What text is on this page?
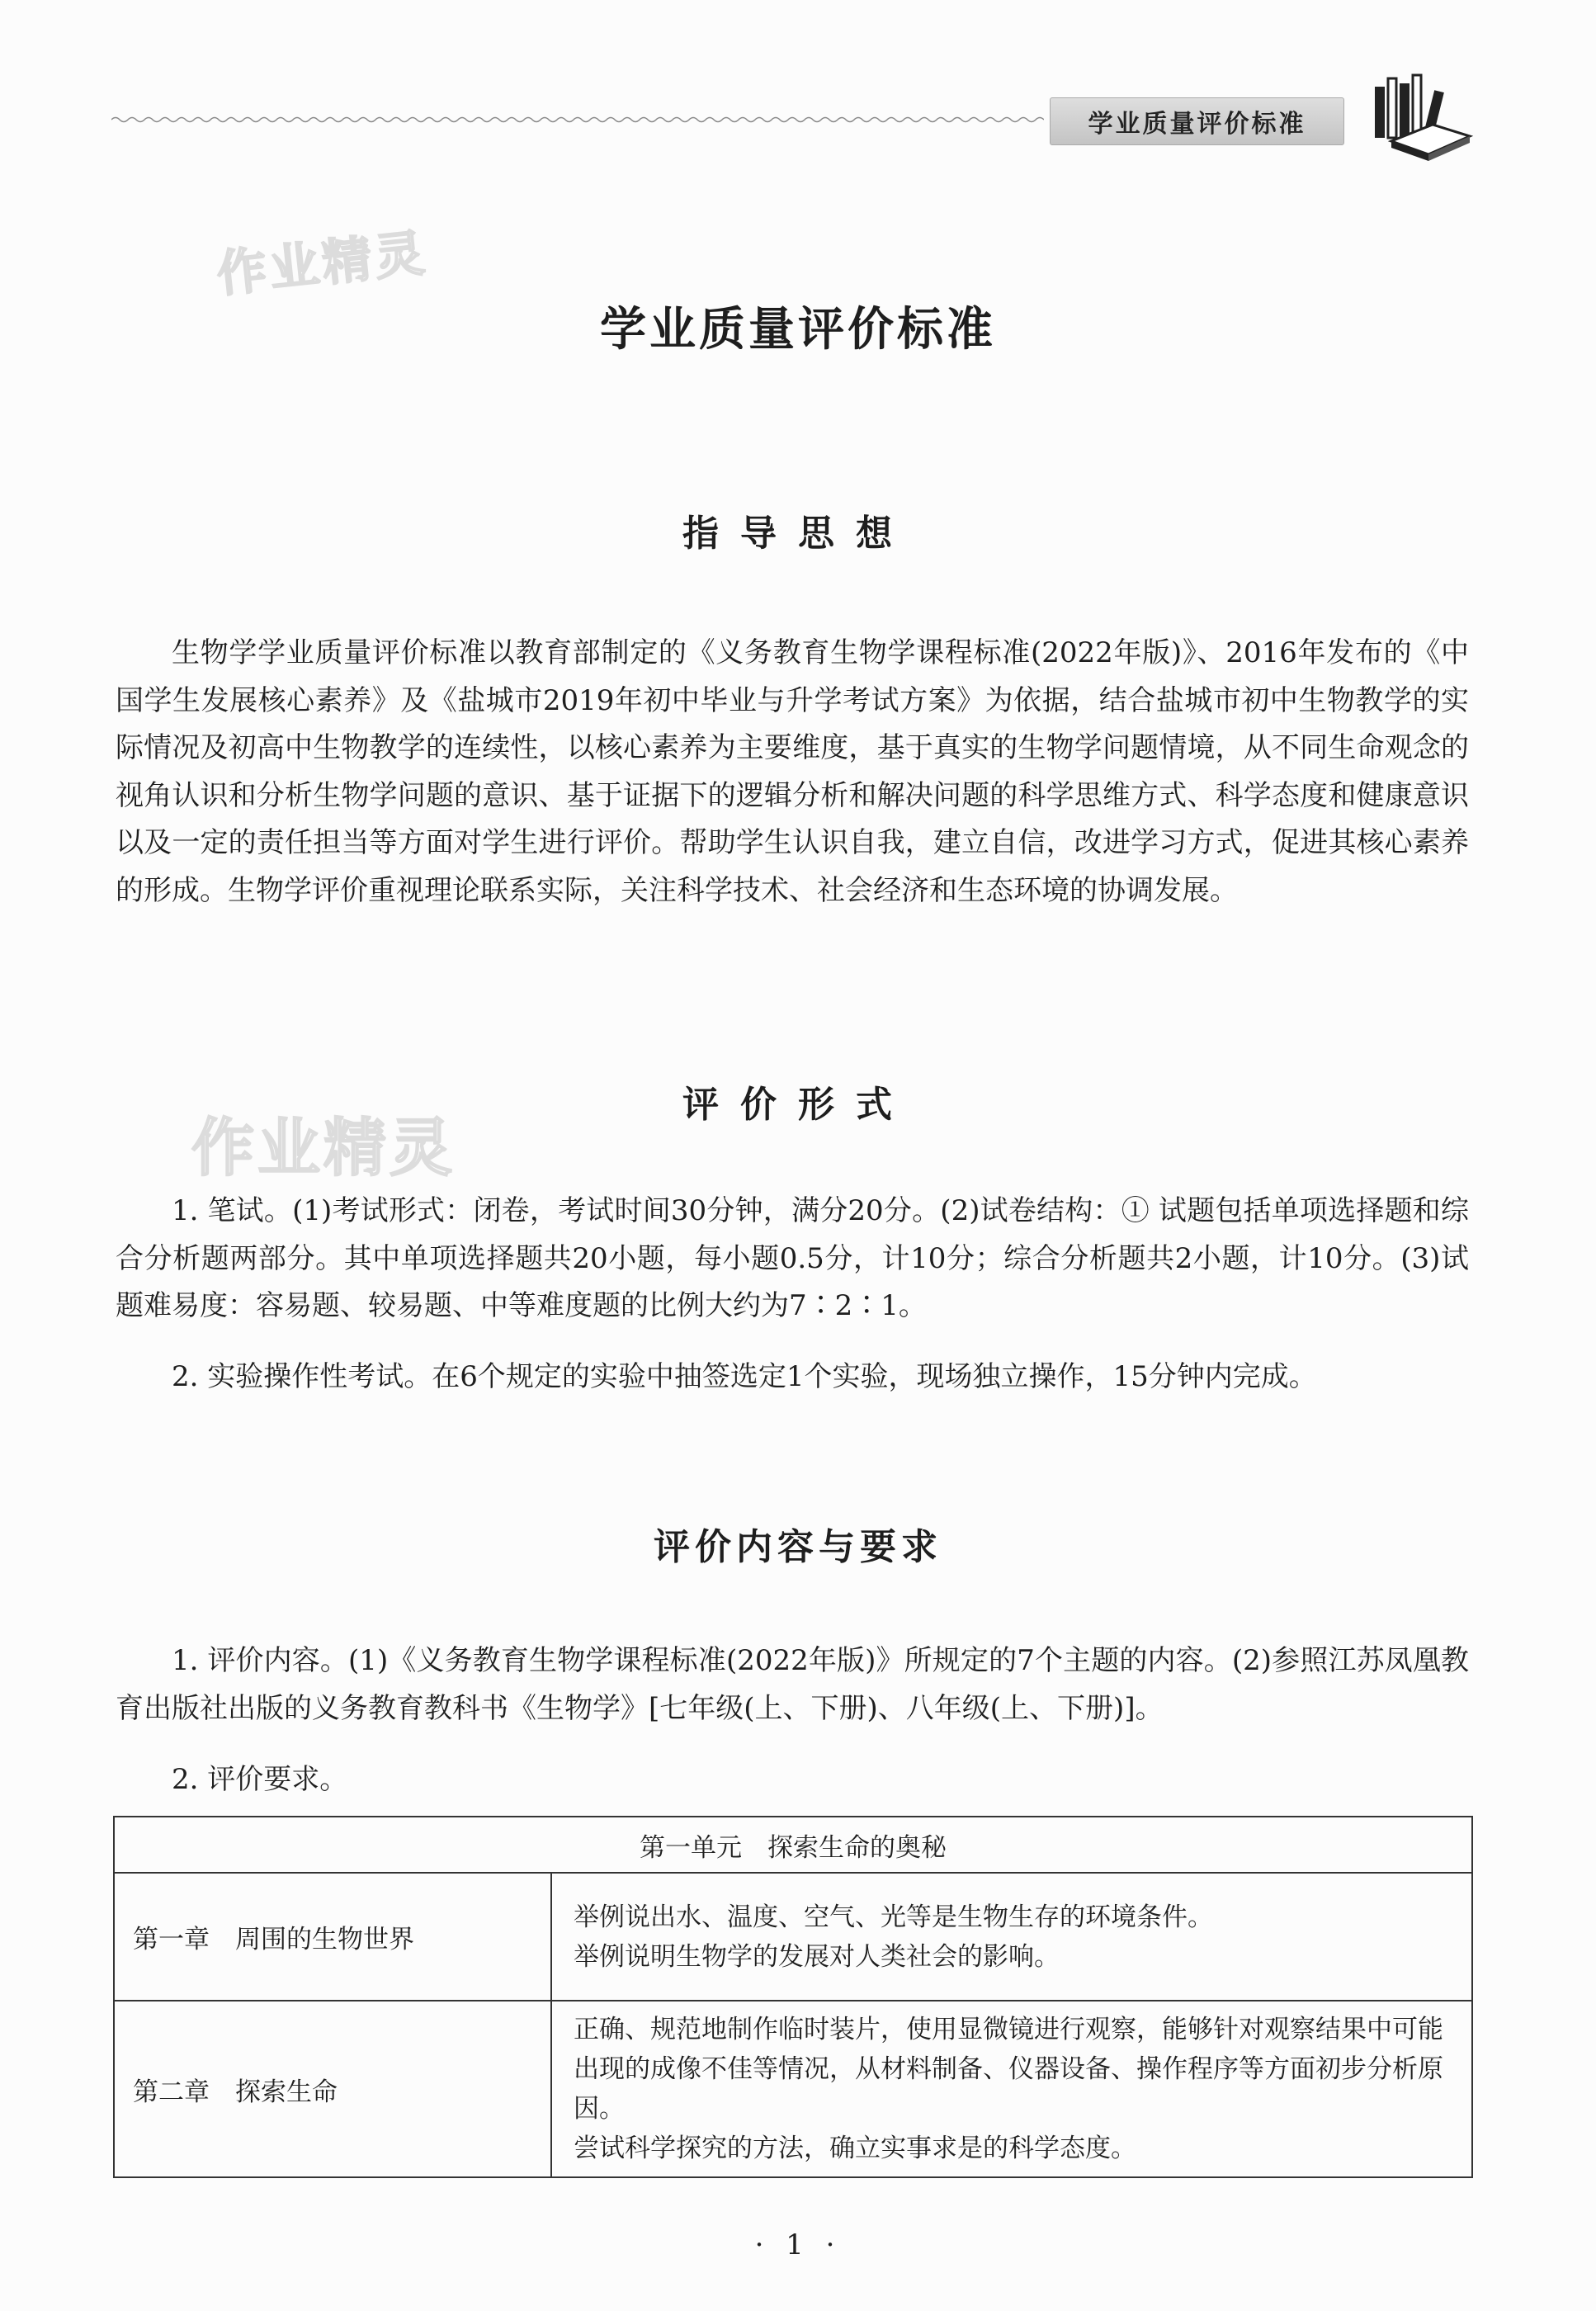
学业质量评价标准
作业精灵
作业精灵
学业质量评价标准
指导思想

生物学学业质量评价标准以教育部制定的《义务教育生物学课程标准(2022年版)》、2016年发布的《中国学生发展核心素养》及《盐城市2019年初中毕业与升学考试方案》为依据，结合盐城市初中生物教学的实际情况及初高中生物教学的连续性，以核心素养为主要维度，基于真实的生物学问题情境，从不同生命观念的视角认识和分析生物学问题的意识、基于证据下的逻辑分析和解决问题的科学思维方式、科学态度和健康意识以及一定的责任担当等方面对学生进行评价。帮助学生认识自我，建立自信，改进学习方式，促进其核心素养的形成。生物学评价重视理论联系实际，关注科学技术、社会经济和生态环境的协调发展。

评价形式

1. 笔试。(1)考试形式：闭卷，考试时间30分钟，满分20分。(2)试卷结构：① 试题包括单项选择题和综合分析题两部分。其中单项选择题共20小题，每小题0.5分，计10分；综合分析题共2小题，计10分。(3)试题难易度：容易题、较易题、中等难度题的比例大约为7∶2∶1。

2. 实验操作性考试。在6个规定的实验中抽签选定1个实验，现场独立操作，15分钟内完成。

评价内容与要求

1. 评价内容。(1)《义务教育生物学课程标准(2022年版)》所规定的7个主题的内容。(2)参照江苏凤凰教育出版社出版的义务教育教科书《生物学》[七年级(上、下册)、八年级(上、下册)]。

2. 评价要求。

第一单元　探索生命的奥秘	
第一章　周围的生物世界	举例说出水、温度、空气、光等是生物生存的环境条件。
举例说明生物学的发展对人类社会的影响。

第二章　探索生命	正确、规范地制作临时装片，使用显微镜进行观察，能够针对观察结果中可能出现的成像不佳等情况，从材料制备、仪器设备、操作程序等方面初步分析原因。
尝试科学探究的方法，确立实事求是的科学态度。
· 1 ·
